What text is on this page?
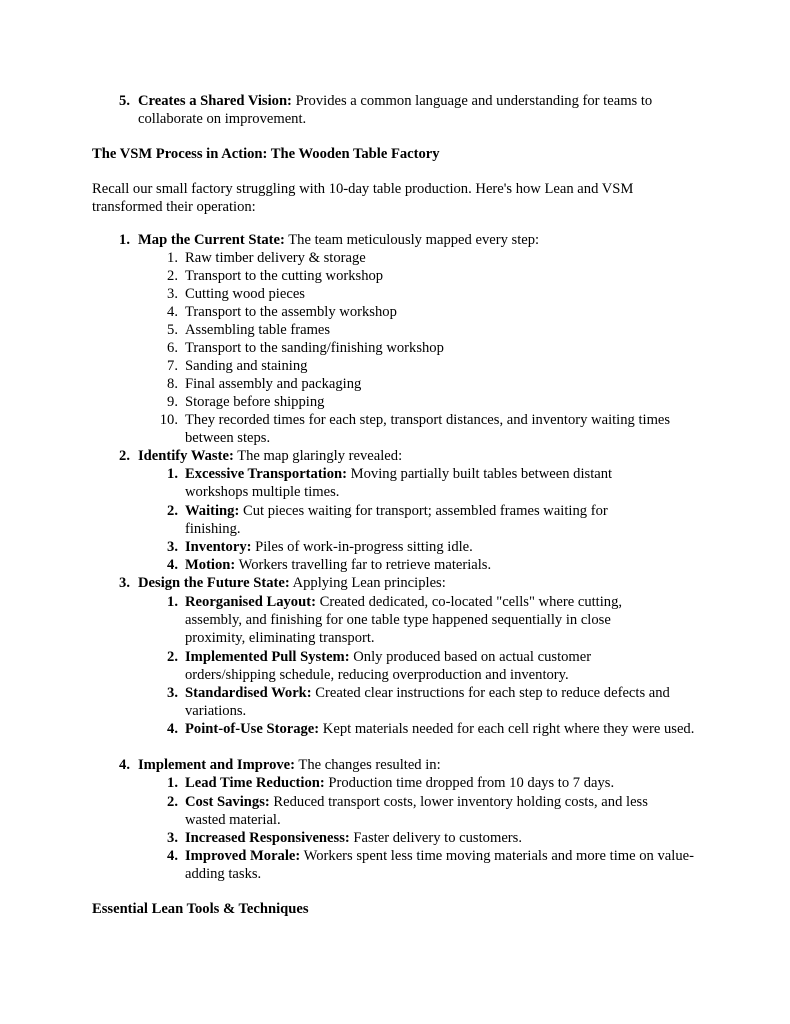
5. Creates a Shared Vision: Provides a common language and understanding for teams to collaborate on improvement.
The VSM Process in Action: The Wooden Table Factory

Recall our small factory struggling with 10-day table production. Here's how Lean and VSM transformed their operation:

1. Map the Current State: The team meticulously mapped every step:
1. Raw timber delivery & storage
2. Transport to the cutting workshop
3. Cutting wood pieces
4. Transport to the assembly workshop
5. Assembling table frames
6. Transport to the sanding/finishing workshop
7. Sanding and staining
8. Final assembly and packaging
9. Storage before shipping
10. They recorded times for each step, transport distances, and inventory waiting times between steps.
2. Identify Waste: The map glaringly revealed:
1. Excessive Transportation: Moving partially built tables between distant workshops multiple times.
2. Waiting: Cut pieces waiting for transport; assembled frames waiting for finishing.
3. Inventory: Piles of work-in-progress sitting idle.
4. Motion: Workers travelling far to retrieve materials.
3. Design the Future State: Applying Lean principles:
1. Reorganised Layout: Created dedicated, co-located "cells" where cutting, assembly, and finishing for one table type happened sequentially in close proximity, eliminating transport.
2. Implemented Pull System: Only produced based on actual customer orders/shipping schedule, reducing overproduction and inventory.
3. Standardised Work: Created clear instructions for each step to reduce defects and variations.
4. Point-of-Use Storage: Kept materials needed for each cell right where they were used.
4. Implement and Improve: The changes resulted in:
1. Lead Time Reduction: Production time dropped from 10 days to 7 days.
2. Cost Savings: Reduced transport costs, lower inventory holding costs, and less wasted material.
3. Increased Responsiveness: Faster delivery to customers.
4. Improved Morale: Workers spent less time moving materials and more time on value-adding tasks.
Essential Lean Tools & Techniques
